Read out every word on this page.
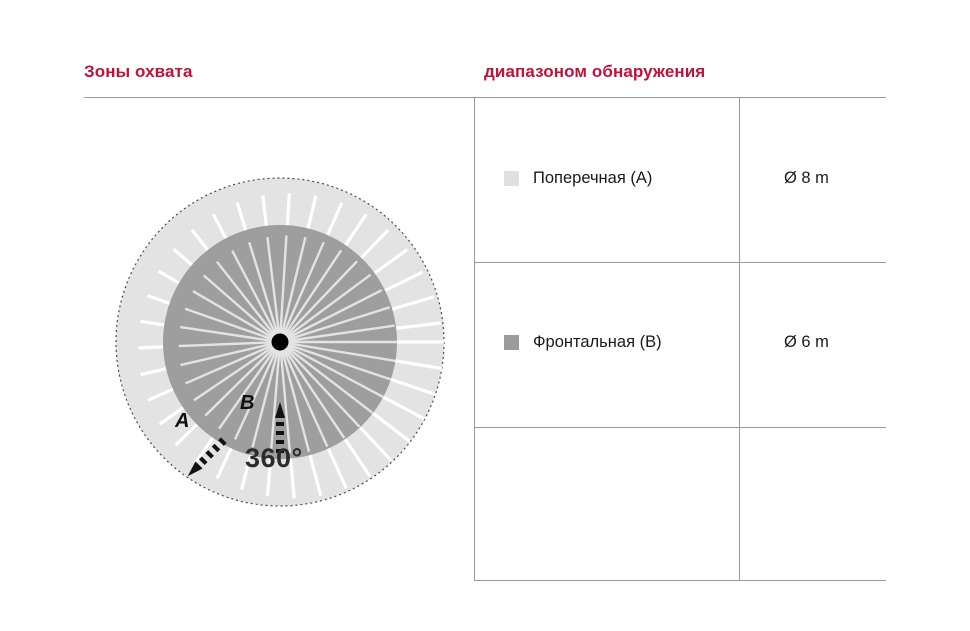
Зоны охвата	диапазоном обнаружения
360°
A
B
Поперечная (A)	Ø 8 m
Фронтальная (B)	Ø 6 m
